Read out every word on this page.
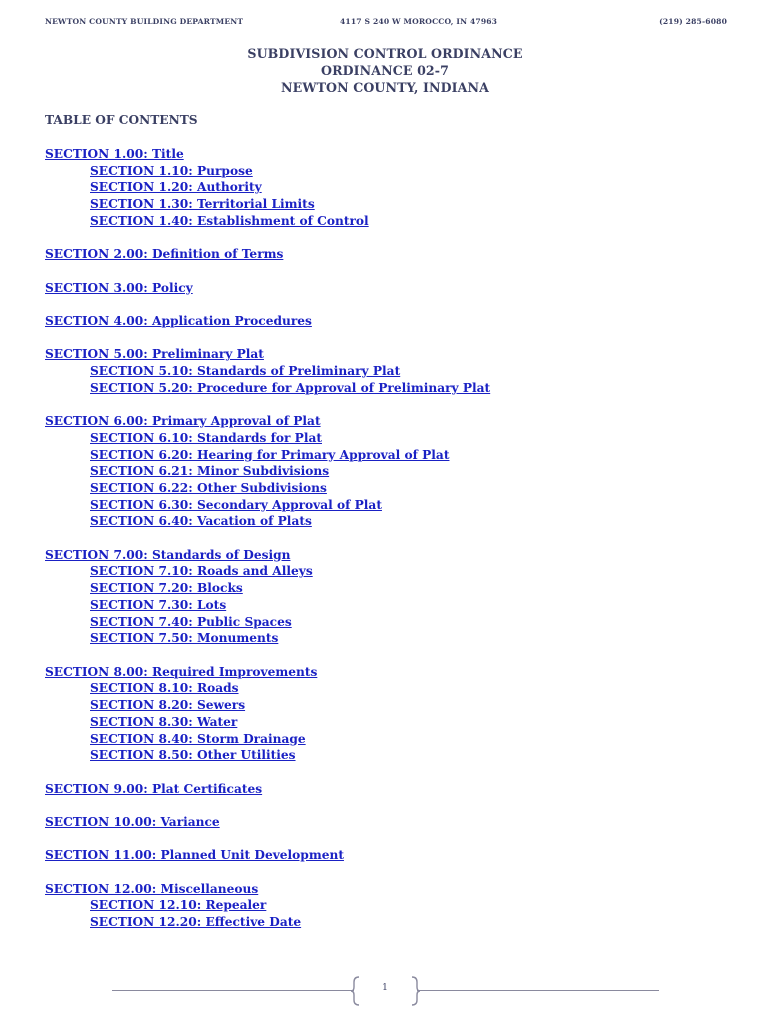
NEWTON COUNTY BUILDING DEPARTMENT	4117 S 240 W MOROCCO, IN 47963	(219) 285-6080
SUBDIVISION CONTROL ORDINANCE
ORDINANCE 02-7
NEWTON COUNTY, INDIANA
TABLE OF CONTENTS
SECTION 1.00: Title
SECTION 1.10: Purpose
SECTION 1.20: Authority
SECTION 1.30: Territorial Limits
SECTION 1.40: Establishment of Control
SECTION 2.00: Definition of Terms
SECTION 3.00: Policy
SECTION 4.00: Application Procedures
SECTION 5.00: Preliminary Plat
SECTION 5.10: Standards of Preliminary Plat
SECTION 5.20: Procedure for Approval of Preliminary Plat
SECTION 6.00: Primary Approval of Plat
SECTION 6.10: Standards for Plat
SECTION 6.20: Hearing for Primary Approval of Plat
SECTION 6.21: Minor Subdivisions
SECTION 6.22: Other Subdivisions
SECTION 6.30: Secondary Approval of Plat
SECTION 6.40: Vacation of Plats
SECTION 7.00: Standards of Design
SECTION 7.10: Roads and Alleys
SECTION 7.20: Blocks
SECTION 7.30: Lots
SECTION 7.40: Public Spaces
SECTION 7.50: Monuments
SECTION 8.00: Required Improvements
SECTION 8.10: Roads
SECTION 8.20: Sewers
SECTION 8.30: Water
SECTION 8.40: Storm Drainage
SECTION 8.50: Other Utilities
SECTION 9.00: Plat Certificates
SECTION 10.00: Variance
SECTION 11.00: Planned Unit Development
SECTION 12.00: Miscellaneous
SECTION 12.10: Repealer
SECTION 12.20: Effective Date
1
